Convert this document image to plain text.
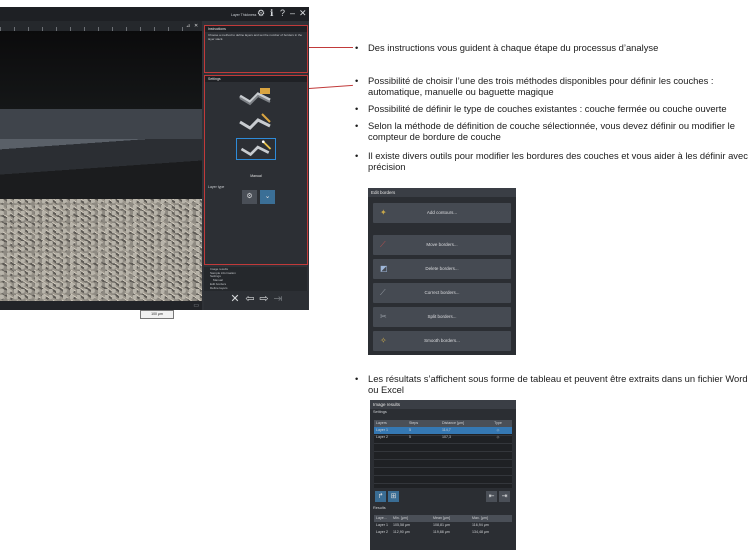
Layer Thickness ⚙ ℹ ? – ✕
⊿ ✕
100 μm
▭
Instructions
Choose a method to define layers and set the number of borders in the layer stack.
Settings
Manual
Layer type
⚙	⌄
Image results
Sample information
Settings
Manual
Edit borders
Define layers
✕ ⇦ ⇨ ⇥
• Des instructions vous guident à chaque étape du processus d’analyse
• Possibilité de choisir l’une des trois méthodes disponibles pour définir les couches : automatique, manuelle ou baguette magique
• Possibilité de définir le type de couches existantes : couche fermée ou couche ouverte
• Selon la méthode de définition de couche sélectionnée, vous devez définir ou modifier le compteur de bordure de couche
• Il existe divers outils pour modifier les bordures des couches et vous aider à les définir avec précision
• Les résultats s’affichent sous forme de tableau et peuvent être extraits dans un fichier Word ou Excel
Edit borders
✦	Add contours...
⟋	Move borders...
◩	Delete borders...
⟋	Correct borders...
✂	Split borders...
✧	Smooth borders...
Image results
Settings
Layers	Steps	Distance [μm]	Type
Layer 1	5	114,7	◇
Layer 2	5	107,3	◇
↱	⊞	⇤	⇥
Results
Laye...	Min. [μm]	Mean [μm]	Max. [μm]
Layer 1	105,58 μm	108,81 μm	116,94 μm
Layer 2	112,90 μm	119,88 μm	134,48 μm
